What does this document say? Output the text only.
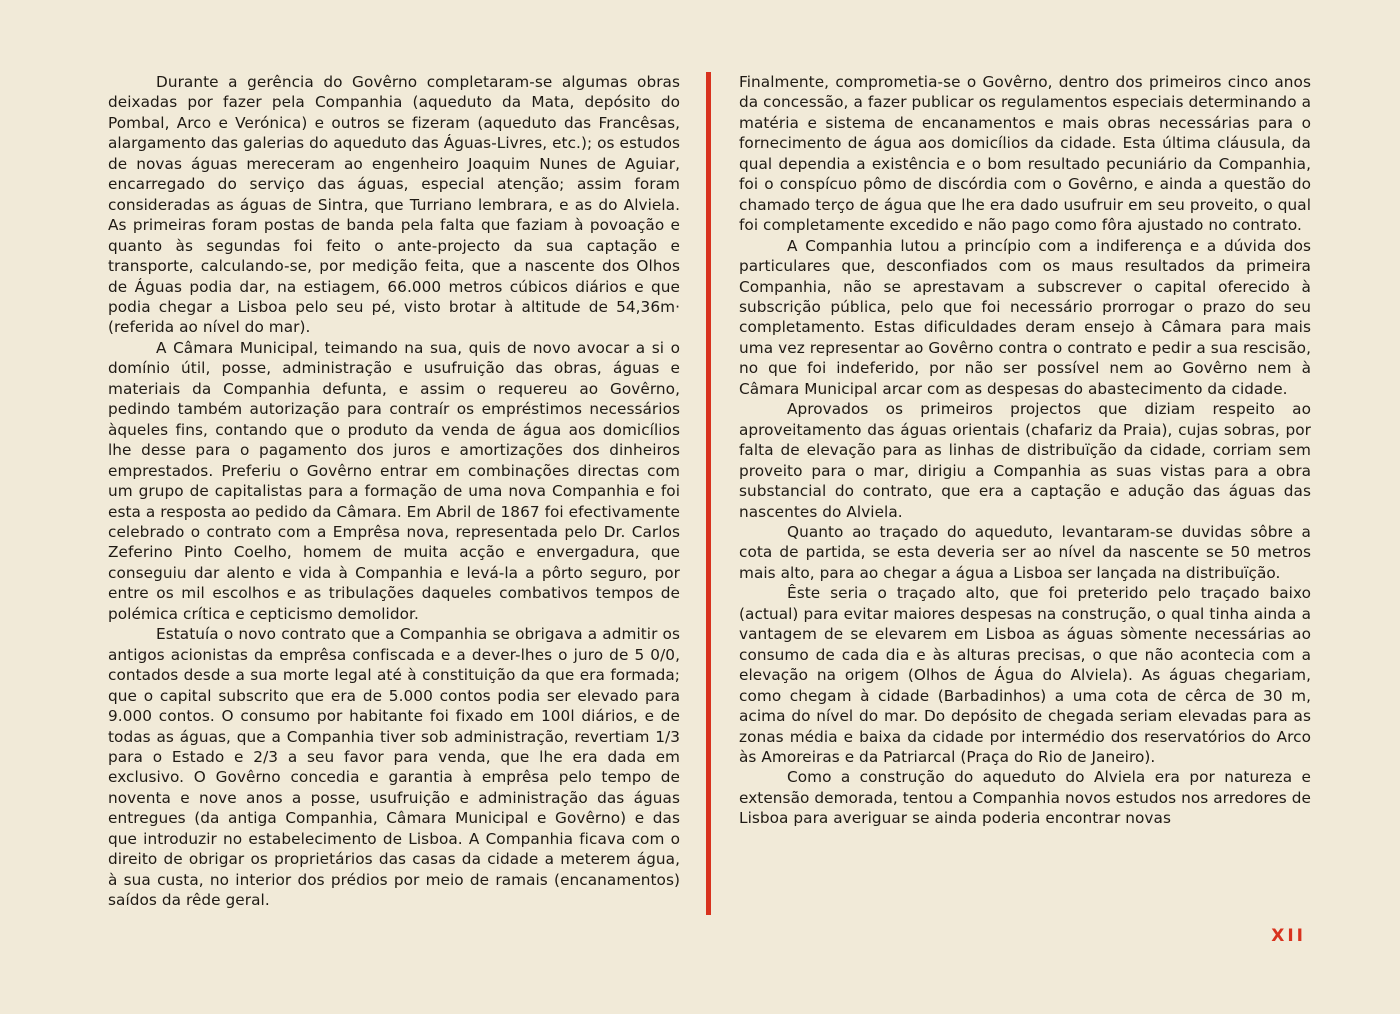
Durante a gerência do Govêrno completaram-se algumas obras deixadas por fazer pela Companhia (aqueduto da Mata, depósito do Pombal, Arco e Verónica) e outros se fizeram (aqueduto das Francêsas, alargamento das galerias do aqueduto das Águas-Livres, etc.); os estudos de novas águas mereceram ao engenheiro Joaquim Nunes de Aguiar, encarregado do serviço das águas, especial atenção; assim foram consideradas as águas de Sintra, que Turriano lembrara, e as do Alviela. As primeiras foram postas de banda pela falta que faziam à povoação e quanto às segundas foi feito o ante-projecto da sua captação e transporte, calculando-se, por medição feita, que a nascente dos Olhos de Águas podia dar, na estiagem, 66.000 metros cúbicos diários e que podia chegar a Lisboa pelo seu pé, visto brotar à altitude de 54,36m· (referida ao nível do mar).

A Câmara Municipal, teimando na sua, quis de novo avocar a si o domínio útil, posse, administração e usufruição das obras, águas e materiais da Companhia defunta, e assim o requereu ao Govêrno, pedindo também autorização para contraír os empréstimos necessários àqueles fins, contando que o produto da venda de água aos domicílios lhe desse para o pagamento dos juros e amortizações dos dinheiros emprestados. Preferiu o Govêrno entrar em combinações directas com um grupo de capitalistas para a formação de uma nova Companhia e foi esta a resposta ao pedido da Câmara. Em Abril de 1867 foi efectivamente celebrado o contrato com a Emprêsa nova, representada pelo Dr. Carlos Zeferino Pinto Coelho, homem de muita acção e envergadura, que conseguiu dar alento e vida à Companhia e levá-la a pôrto seguro, por entre os mil escolhos e as tribulações daqueles combativos tempos de polémica crítica e cepticismo demolidor.

Estatuía o novo contrato que a Companhia se obrigava a admitir os antigos acionistas da emprêsa confiscada e a dever-lhes o juro de 5 0/0, contados desde a sua morte legal até à constituição da que era formada; que o capital subscrito que era de 5.000 contos podia ser elevado para 9.000 contos. O consumo por habitante foi fixado em 100l diários, e de todas as águas, que a Companhia tiver sob administração, revertiam 1/3 para o Estado e 2/3 a seu favor para venda, que lhe era dada em exclusivo. O Govêrno concedia e garantia à emprêsa pelo tempo de noventa e nove anos a posse, usufruição e administração das águas entregues (da antiga Companhia, Câmara Municipal e Govêrno) e das que introduzir no estabelecimento de Lisboa. A Companhia ficava com o direito de obrigar os proprietários das casas da cidade a meterem água, à sua custa, no interior dos prédios por meio de ramais (encanamentos) saídos da rêde geral.

Finalmente, comprometia-se o Govêrno, dentro dos primeiros cinco anos da concessão, a fazer publicar os regulamentos especiais determinando a matéria e sistema de encanamentos e mais obras necessárias para o fornecimento de água aos domicílios da cidade. Esta última cláusula, da qual dependia a existência e o bom resultado pecuniário da Companhia, foi o conspícuo pômo de discórdia com o Govêrno, e ainda a questão do chamado terço de água que lhe era dado usufruir em seu proveito, o qual foi completamente excedido e não pago como fôra ajustado no contrato.

A Companhia lutou a princípio com a indiferença e a dúvida dos particulares que, desconfiados com os maus resultados da primeira Companhia, não se aprestavam a subscrever o capital oferecido à subscrição pública, pelo que foi necessário prorrogar o prazo do seu completamento. Estas dificuldades deram ensejo à Câmara para mais uma vez representar ao Govêrno contra o contrato e pedir a sua rescisão, no que foi indeferido, por não ser possível nem ao Govêrno nem à Câmara Municipal arcar com as despesas do abastecimento da cidade.

Aprovados os primeiros projectos que diziam respeito ao aproveitamento das águas orientais (chafariz da Praia), cujas sobras, por falta de elevação para as linhas de distribuïção da cidade, corriam sem proveito para o mar, dirigiu a Companhia as suas vistas para a obra substancial do contrato, que era a captação e adução das águas das nascentes do Alviela.

Quanto ao traçado do aqueduto, levantaram-se duvidas sôbre a cota de partida, se esta deveria ser ao nível da nascente se 50 metros mais alto, para ao chegar a água a Lisboa ser lançada na distribuïção.

Êste seria o traçado alto, que foi preterido pelo traçado baixo (actual) para evitar maiores despesas na construção, o qual tinha ainda a vantagem de se elevarem em Lisboa as águas sòmente necessárias ao consumo de cada dia e às alturas precisas, o que não acontecia com a elevação na origem (Olhos de Água do Alviela). As águas chegariam, como chegam à cidade (Barbadinhos) a uma cota de cêrca de 30 m, acima do nível do mar. Do depósito de chegada seriam elevadas para as zonas média e baixa da cidade por intermédio dos reservatórios do Arco às Amoreiras e da Patriarcal (Praça do Rio de Janeiro).

Como a construção do aqueduto do Alviela era por natureza e extensão demorada, tentou a Companhia novos estudos nos arredores de Lisboa para averiguar se ainda poderia encontrar novas

XII
